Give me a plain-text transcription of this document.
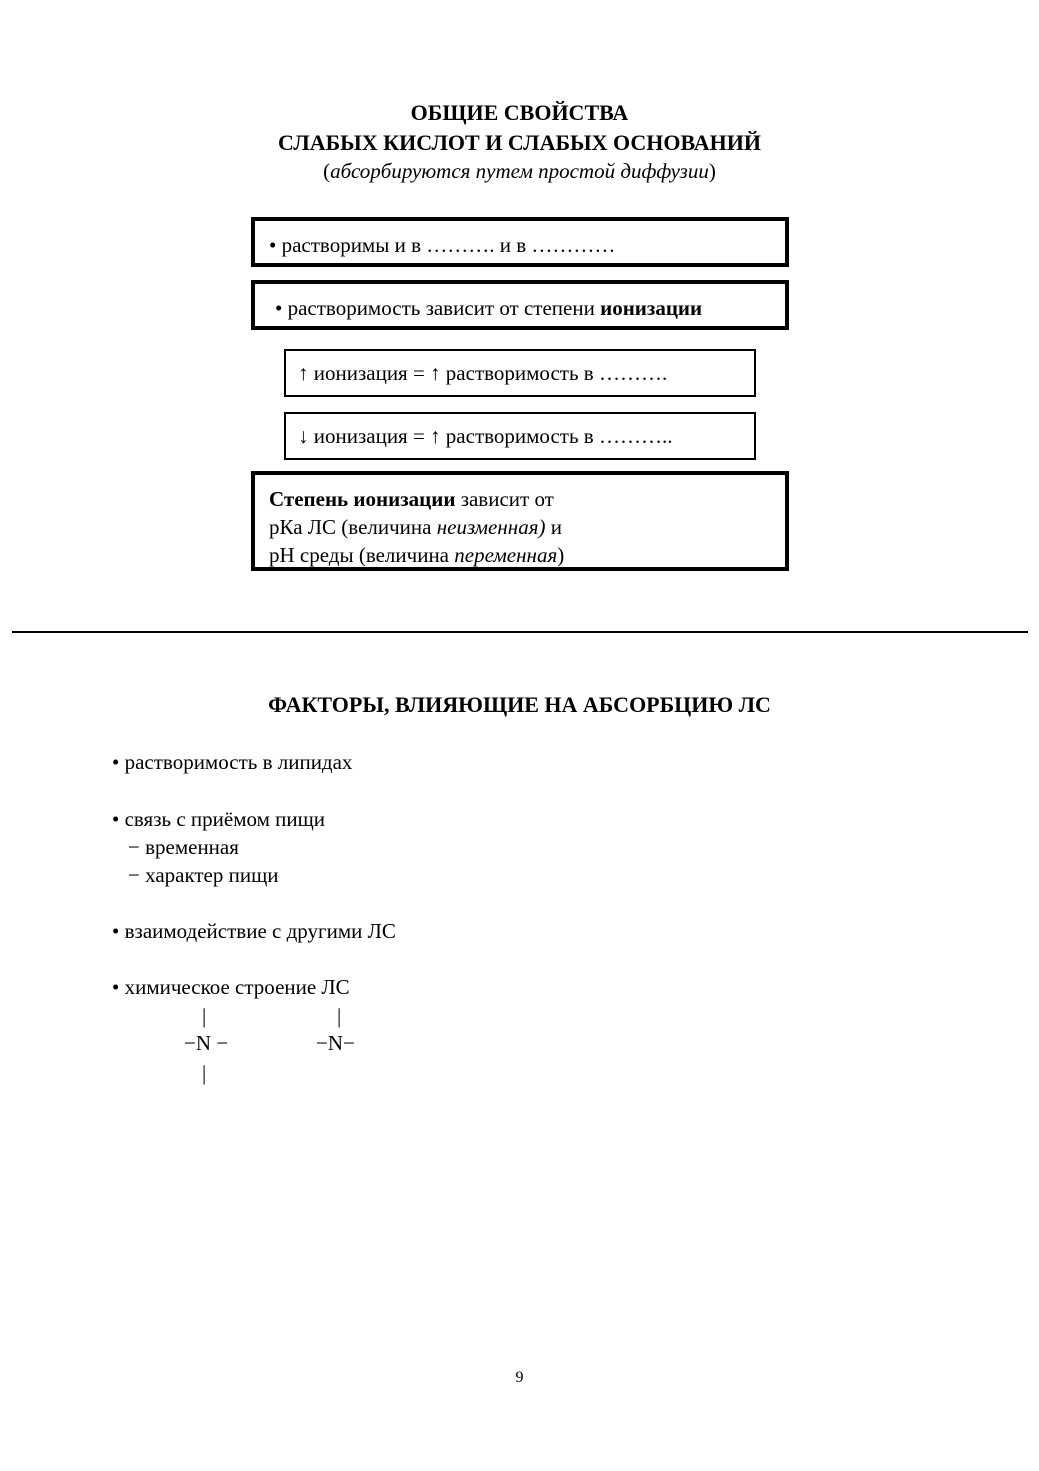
ОБЩИЕ СВОЙСТВА
СЛАБЫХ КИСЛОТ И СЛАБЫХ ОСНОВАНИЙ
(абсорбируются путем простой диффузии)
• растворимы и в ………. и в …………
• растворимость зависит от степени ионизации
↑ ионизация = ↑ растворимость в ……….
↓ ионизация = ↑ растворимость в ………..
Степень ионизации зависит от
рКа ЛС (величина неизменная) и
рН среды (величина переменная)
ФАКТОРЫ, ВЛИЯЮЩИЕ НА АБСОРБЦИЮ ЛС
• растворимость в липидах
• связь с приёмом пищи
− временная
− характер пищи
• взаимодействие с другими ЛС
• химическое строение ЛС
|
−N −
|
|
−N−
9
